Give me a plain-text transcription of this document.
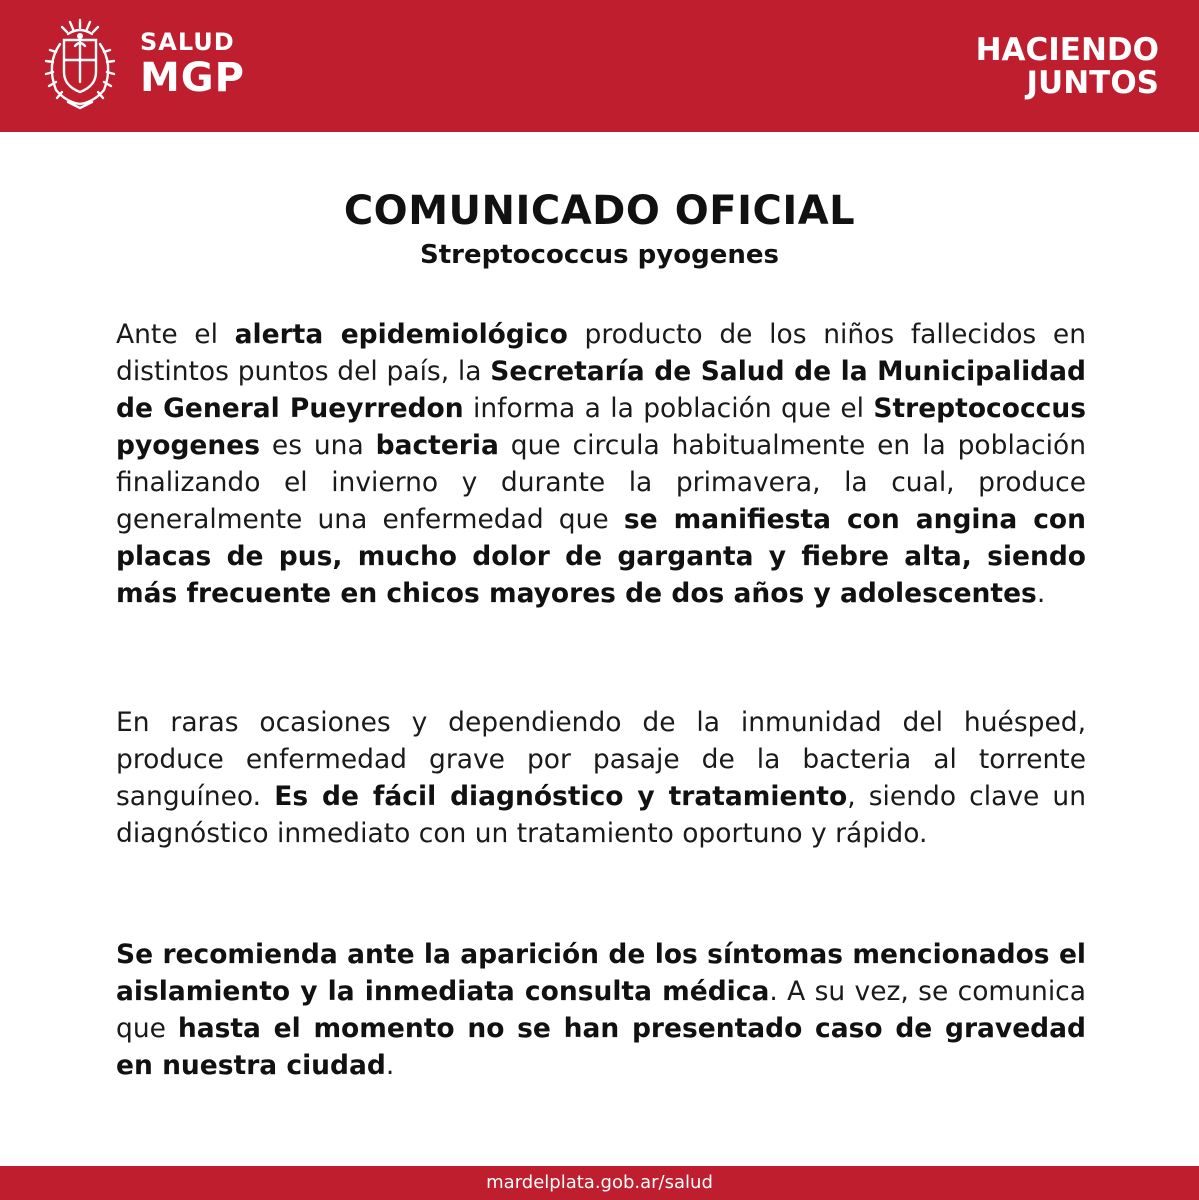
SALUD
MGP
HACIENDO
JUNTOS
COMUNICADO OFICIAL
Streptococcus pyogenes
Ante el alerta epidemiológico producto de los niños fallecidos en distintos puntos del país, la Secretaría de Salud de la Municipalidad de General Pueyrredon informa a la población que el Streptococcus pyogenes es una bacteria que circula habitualmente en la población finalizando el invierno y durante la primavera, la cual, produce generalmente una enfermedad que se manifiesta con angina con placas de pus, mucho dolor de garganta y fiebre alta, siendo más frecuente en chicos mayores de dos años y adolescentes.
En raras ocasiones y dependiendo de la inmunidad del huésped, produce enfermedad grave por pasaje de la bacteria al torrente sanguíneo. Es de fácil diagnóstico y tratamiento, siendo clave un diagnóstico inmediato con un tratamiento oportuno y rápido.
Se recomienda ante la aparición de los síntomas mencionados el aislamiento y la inmediata consulta médica. A su vez, se comunica que hasta el momento no se han presentado caso de gravedad en nuestra ciudad.
mardelplata.gob.ar/salud
